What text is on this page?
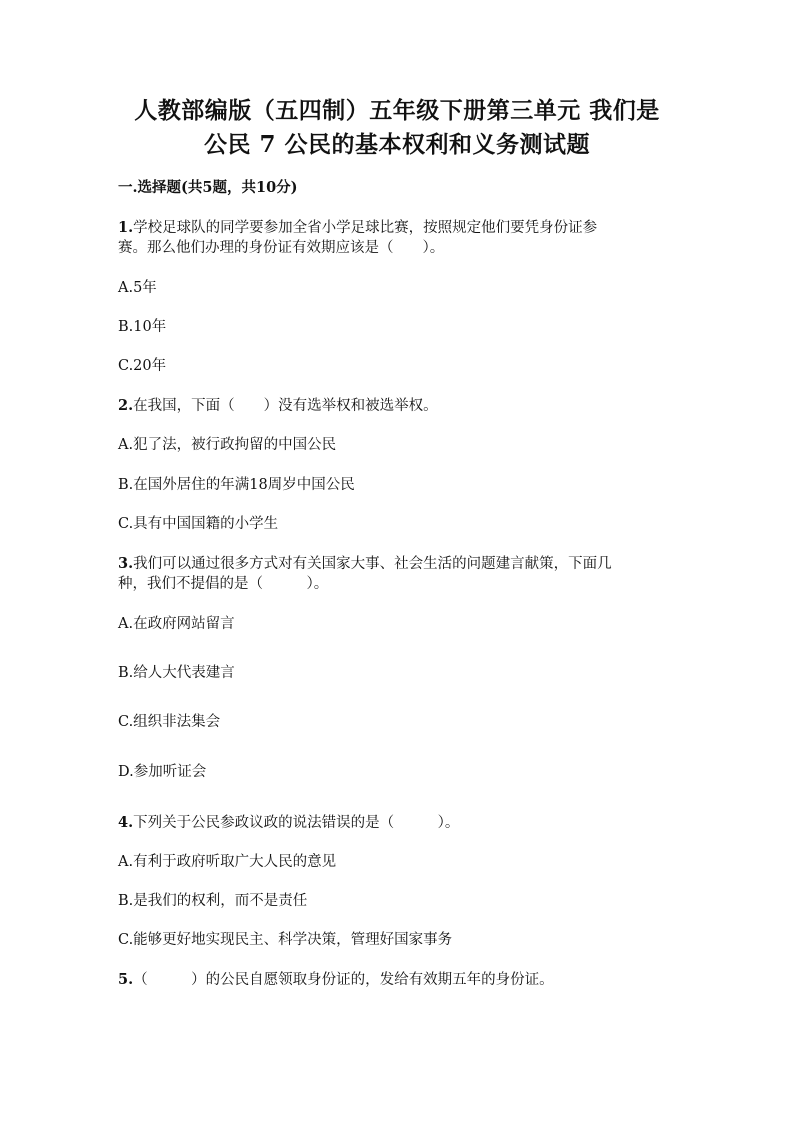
人教部编版（五四制）五年级下册第三单元 我们是
公民 7 公民的基本权利和义务测试题
一.选择题(共5题，共10分)
1.学校足球队的同学要参加全省小学足球比赛，按照规定他们要凭身份证参
赛。那么他们办理的身份证有效期应该是（　　）。
A.5年
B.10年
C.20年
2.在我国，下面（　　）没有选举权和被选举权。
A.犯了法，被行政拘留的中国公民
B.在国外居住的年满18周岁中国公民
C.具有中国国籍的小学生
3.我们可以通过很多方式对有关国家大事、社会生活的问题建言献策，下面几
种，我们不提倡的是（　　　）。
A.在政府网站留言
B.给人大代表建言
C.组织非法集会
D.参加听证会
4.下列关于公民参政议政的说法错误的是（　　　）。
A.有利于政府听取广大人民的意见
B.是我们的权利，而不是责任
C.能够更好地实现民主、科学决策，管理好国家事务
5.（　　　）的公民自愿领取身份证的，发给有效期五年的身份证。
